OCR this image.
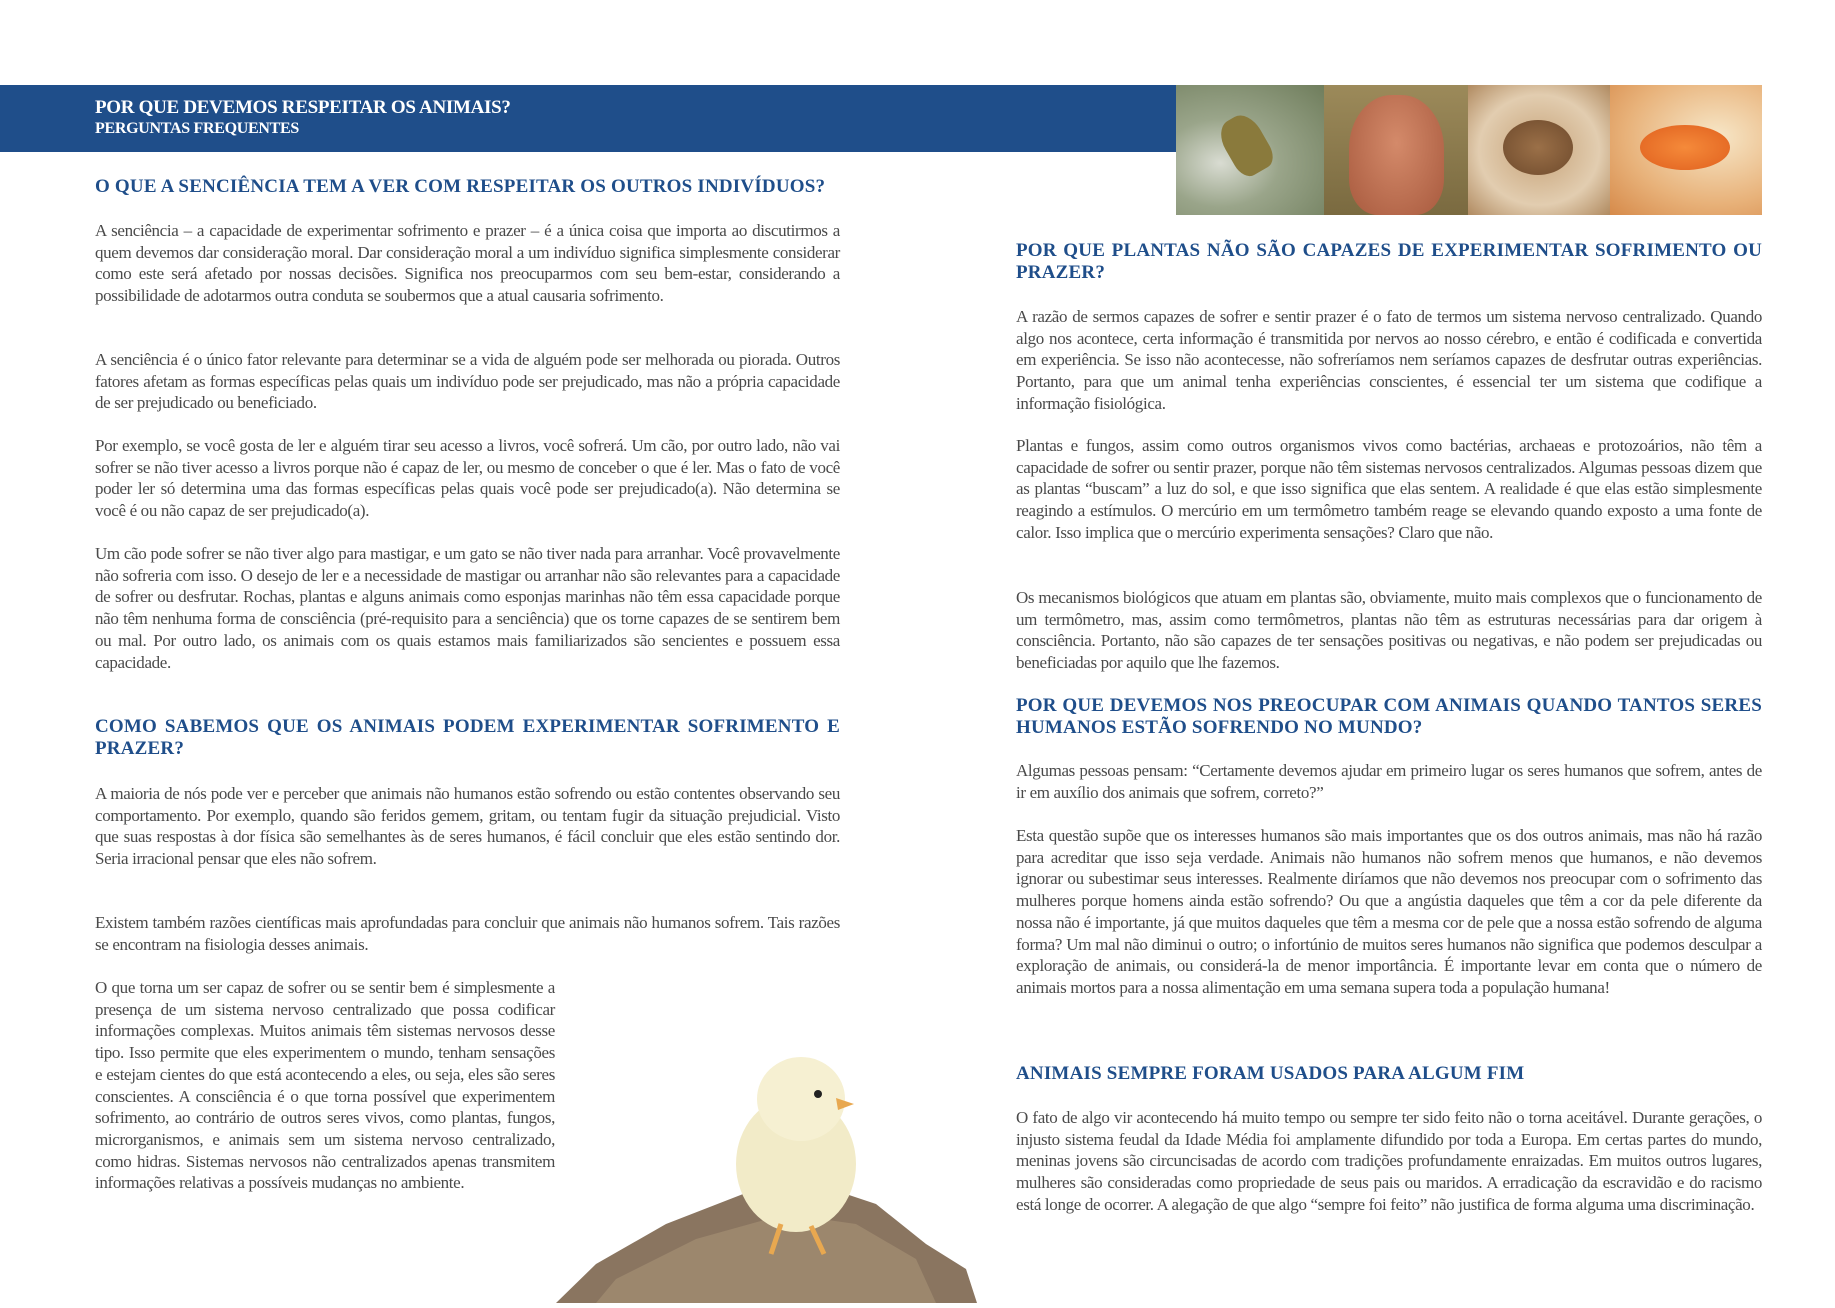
POR QUE DEVEMOS RESPEITAR OS ANIMAIS?
PERGUNTAS FREQUENTES
O QUE A SENCIÊNCIA TEM A VER COM RESPEITAR OS OUTROS INDIVÍDUOS?

A senciência – a capacidade de experimentar sofrimento e prazer – é a única coisa que importa ao discutirmos a quem devemos dar consideração moral. Dar consideração moral a um indivíduo significa simplesmente considerar como este será afetado por nossas decisões. Significa nos preocuparmos com seu bem-estar, considerando a possibilidade de adotarmos outra conduta se soubermos que a atual causaria sofrimento.

A senciência é o único fator relevante para determinar se a vida de alguém pode ser melhorada ou piorada. Outros fatores afetam as formas específicas pelas quais um indivíduo pode ser prejudicado, mas não a própria capacidade de ser prejudicado ou beneficiado.

Por exemplo, se você gosta de ler e alguém tirar seu acesso a livros, você sofrerá. Um cão, por outro lado, não vai sofrer se não tiver acesso a livros porque não é capaz de ler, ou mesmo de conceber o que é ler. Mas o fato de você poder ler só determina uma das formas específicas pelas quais você pode ser prejudicado(a). Não determina se você é ou não capaz de ser prejudicado(a).

Um cão pode sofrer se não tiver algo para mastigar, e um gato se não tiver nada para arranhar. Você provavelmente não sofreria com isso. O desejo de ler e a necessidade de mastigar ou arranhar não são relevantes para a capacidade de sofrer ou desfrutar. Rochas, plantas e alguns animais como esponjas marinhas não têm essa capacidade porque não têm nenhuma forma de consciência (pré-requisito para a senciência) que os torne capazes de se sentirem bem ou mal. Por outro lado, os animais com os quais estamos mais familiarizados são sencientes e possuem essa capacidade.

COMO SABEMOS QUE OS ANIMAIS PODEM EXPERIMENTAR SOFRIMENTO E PRAZER?

A maioria de nós pode ver e perceber que animais não humanos estão sofrendo ou estão contentes observando seu comportamento. Por exemplo, quando são feridos gemem, gritam, ou tentam fugir da situação prejudicial. Visto que suas respostas à dor física são semelhantes às de seres humanos, é fácil concluir que eles estão sentindo dor. Seria irracional pensar que eles não sofrem.

Existem também razões científicas mais aprofundadas para concluir que animais não humanos sofrem. Tais razões se encontram na fisiologia desses animais.

O que torna um ser capaz de sofrer ou se sentir bem é simplesmente a presença de um sistema nervoso centralizado que possa codificar informações complexas. Muitos animais têm sistemas nervosos desse tipo. Isso permite que eles experimentem o mundo, tenham sensações e estejam cientes do que está acontecendo a eles, ou seja, eles são seres conscientes. A consciência é o que torna possível que experimentem sofrimento, ao contrário de outros seres vivos, como plantas, fungos, microrganismos, e animais sem um sistema nervoso centralizado, como hidras. Sistemas nervosos não centralizados apenas transmitem informações relativas a possíveis mudanças no ambiente.

POR QUE PLANTAS NÃO SÃO CAPAZES DE EXPERIMENTAR SOFRIMENTO OU PRAZER?

A razão de sermos capazes de sofrer e sentir prazer é o fato de termos um sistema nervoso centralizado. Quando algo nos acontece, certa informação é transmitida por nervos ao nosso cérebro, e então é codificada e convertida em experiência. Se isso não acontecesse, não sofreríamos nem seríamos capazes de desfrutar outras experiências. Portanto, para que um animal tenha experiências conscientes, é essencial ter um sistema que codifique a informação fisiológica.

Plantas e fungos, assim como outros organismos vivos como bactérias, archaeas e protozoários, não têm a capacidade de sofrer ou sentir prazer, porque não têm sistemas nervosos centralizados. Algumas pessoas dizem que as plantas “buscam” a luz do sol, e que isso significa que elas sentem. A realidade é que elas estão simplesmente reagindo a estímulos. O mercúrio em um termômetro também reage se elevando quando exposto a uma fonte de calor. Isso implica que o mercúrio experimenta sensações? Claro que não.

Os mecanismos biológicos que atuam em plantas são, obviamente, muito mais complexos que o funcionamento de um termômetro, mas, assim como termômetros, plantas não têm as estruturas necessárias para dar origem à consciência. Portanto, não são capazes de ter sensações positivas ou negativas, e não podem ser prejudicadas ou beneficiadas por aquilo que lhe fazemos.

POR QUE DEVEMOS NOS PREOCUPAR COM ANIMAIS QUANDO TANTOS SERES HUMANOS ESTÃO SOFRENDO NO MUNDO?

Algumas pessoas pensam: “Certamente devemos ajudar em primeiro lugar os seres humanos que sofrem, antes de ir em auxílio dos animais que sofrem, correto?”

Esta questão supõe que os interesses humanos são mais importantes que os dos outros animais, mas não há razão para acreditar que isso seja verdade. Animais não humanos não sofrem menos que humanos, e não devemos ignorar ou subestimar seus interesses. Realmente diríamos que não devemos nos preocupar com o sofrimento das mulheres porque homens ainda estão sofrendo? Ou que a angústia daqueles que têm a cor da pele diferente da nossa não é importante, já que muitos daqueles que têm a mesma cor de pele que a nossa estão sofrendo de alguma forma? Um mal não diminui o outro; o infortúnio de muitos seres humanos não significa que podemos desculpar a exploração de animais, ou considerá-la de menor importância. É importante levar em conta que o número de animais mortos para a nossa alimentação em uma semana supera toda a população humana!

ANIMAIS SEMPRE FORAM USADOS PARA ALGUM FIM

O fato de algo vir acontecendo há muito tempo ou sempre ter sido feito não o torna aceitável. Durante gerações, o injusto sistema feudal da Idade Média foi amplamente difundido por toda a Europa. Em certas partes do mundo, meninas jovens são circuncisadas de acordo com tradições profundamente enraizadas. Em muitos outros lugares, mulheres são consideradas como propriedade de seus pais ou maridos. A erradicação da escravidão e do racismo está longe de ocorrer. A alegação de que algo “sempre foi feito” não justifica de forma alguma uma discriminação.
